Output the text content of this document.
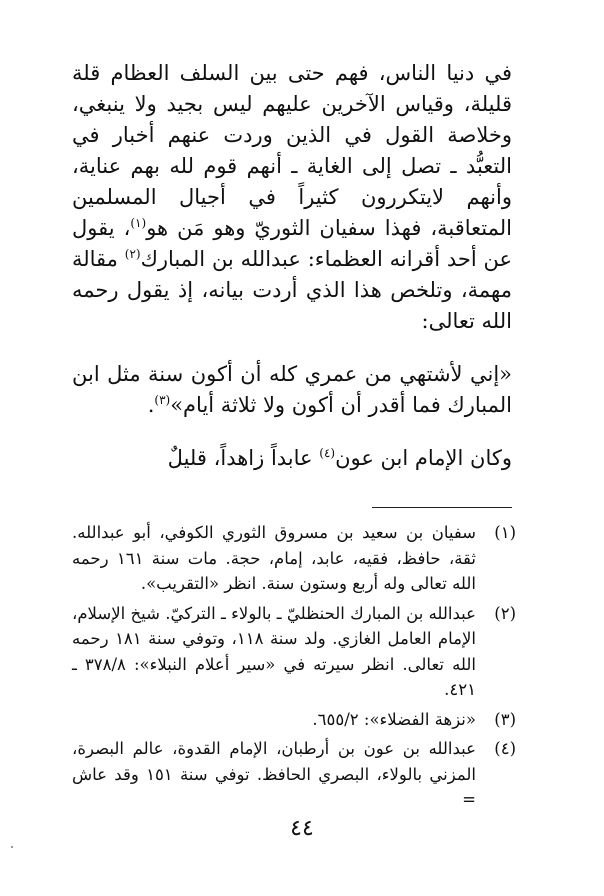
في دنيا الناس، فهم حتى بين السلف العظام قلة قليلة، وقياس الآخرين عليهم ليس بجيد ولا ينبغي، وخلاصة القول في الذين وردت عنهم أخبار في التعبُّد ـ تصل إلى الغاية ـ أنهم قوم لله بهم عناية، وأنهم لايتكررون كثيراً في أجيال المسلمين المتعاقبة، فهذا سفيان الثوريّ وهو مَن هو$^{(١)}$، يقول عن أحد أقرانه العظماء: عبدالله بن المبارك$^{(٢)}$ مقالة مهمة، وتلخص هذا الذي أردت بيانه، إذ يقول رحمه الله تعالى:

«إني لأشتهي من عمري كله أن أكون سنة مثل ابن المبارك فما أقدر أن أكون ولا ثلاثة أيام»$^{(٣)}$.

وكان الإمام ابن عون$^{(٤)}$ عابداً زاهداً، قليلٌ

(١)
سفيان بن سعيد بن مسروق الثوري الكوفي، أبو عبدالله. ثقة، حافظ، فقيه، عابد، إمام، حجة. مات سنة ١٦١ رحمه الله تعالى وله أربع وستون سنة. انظر «التقريب».
(٢)
عبدالله بن المبارك الحنظليّ ـ بالولاء ـ التركيّ. شيخ الإسلام، الإمام العامل الغازي. ولد سنة ١١٨، وتوفي سنة ١٨١ رحمه الله تعالى. انظر سيرته في «سير أعلام النبلاء»: ٣٧٨/٨ ـ ٤٢١.
(٣)
«نزهة الفضلاء»: ٦٥٥/٢.
(٤)
عبدالله بن عون بن أرطبان، الإمام القدوة، عالم البصرة، المزني بالولاء، البصري الحافظ. توفي سنة ١٥١ وقد عاش =
٤٤
